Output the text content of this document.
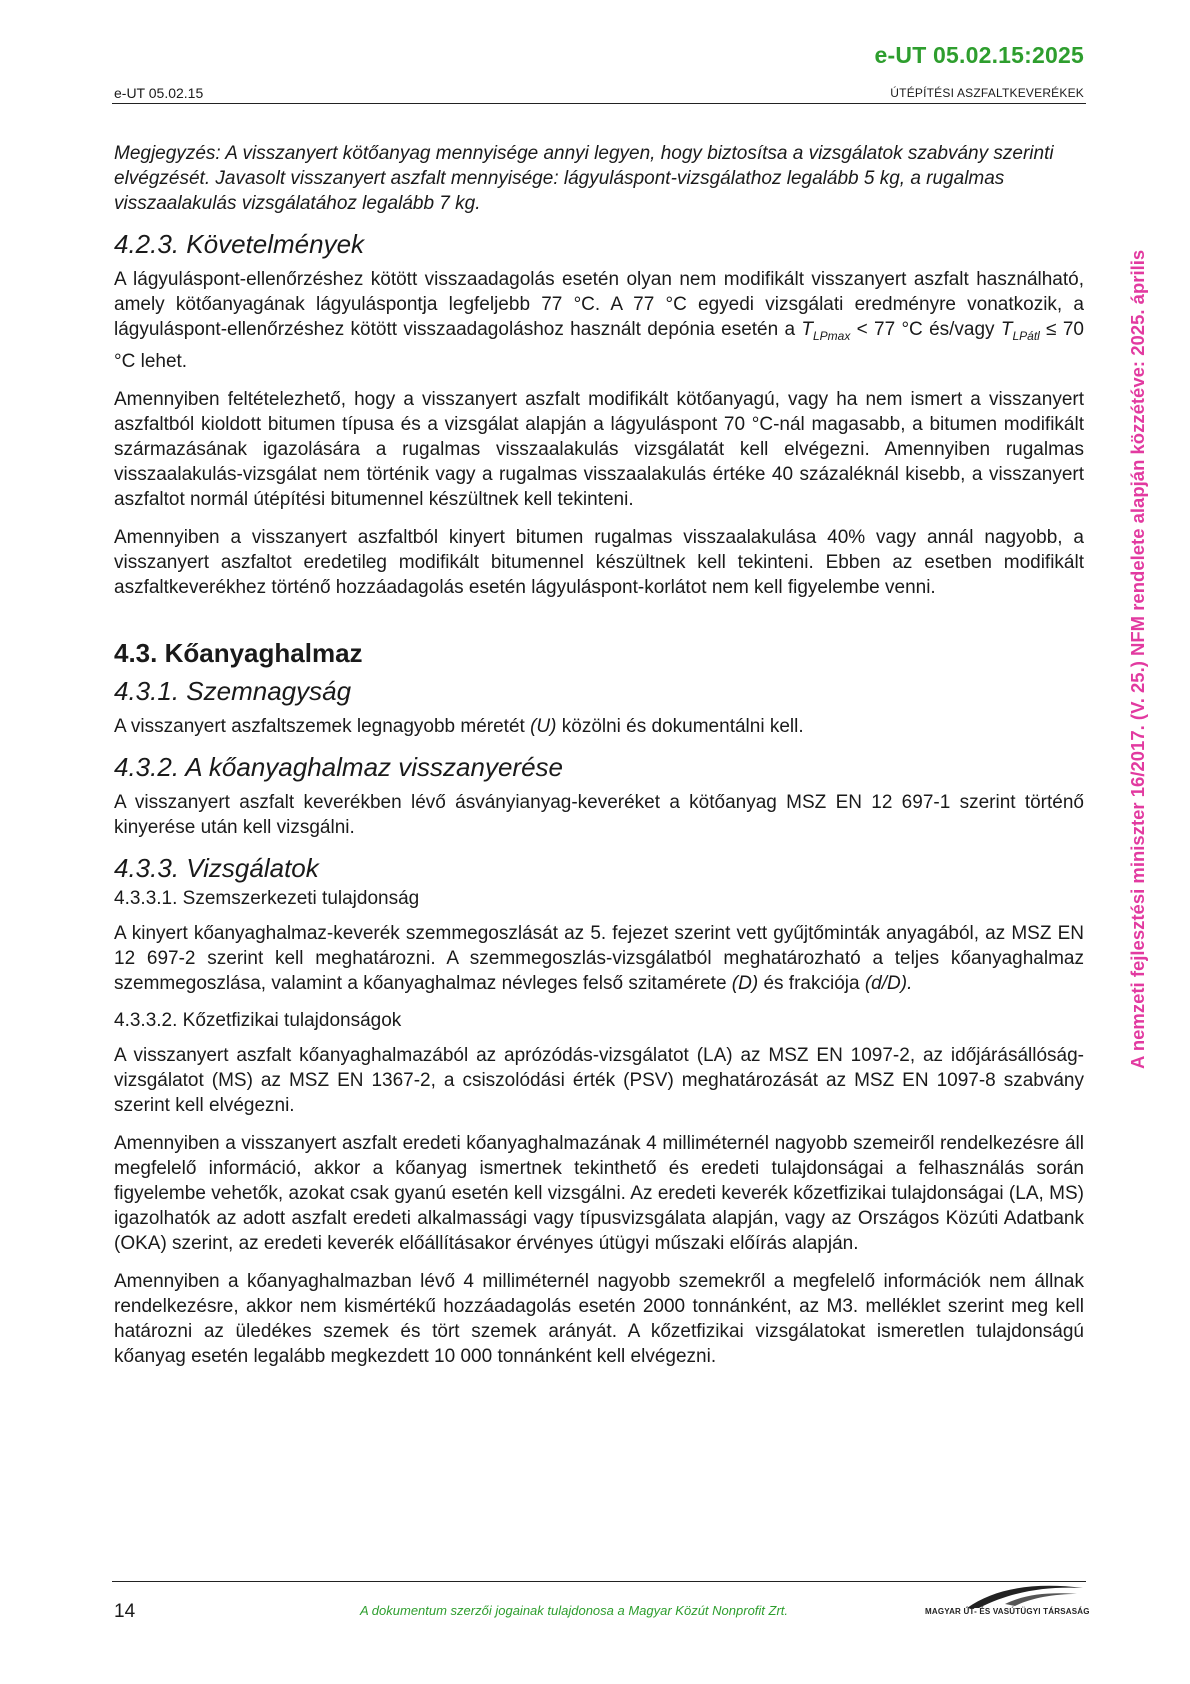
e-UT 05.02.15:2025
e-UT 05.02.15	ÚTÉPÍTÉSI ASZFALTKEVERÉKEK
A nemzeti fejlesztési miniszter 16/2017. (V. 25.) NFM rendelete alapján közzétéve: 2025. április

Megjegyzés: A visszanyert kötőanyag mennyisége annyi legyen, hogy biztosítsa a vizsgálatok szabvány szerinti elvégzését. Javasolt visszanyert aszfalt mennyisége: lágyuláspont-vizsgálathoz legalább 5 kg, a rugalmas visszaalakulás vizsgálatához legalább 7 kg.

4.2.3. Követelmények

A lágyuláspont-ellenőrzéshez kötött visszaadagolás esetén olyan nem modifikált visszanyert aszfalt használható, amely kötőanyagának lágyuláspontja legfeljebb 77 °C. A 77 °C egyedi vizsgálati eredményre vonatkozik, a lágyuláspont-ellenőrzéshez kötött visszaadagoláshoz használt depónia esetén a $T_{LPmax} < 77$ °C és/vagy $T_{LPátl} \le 70$ °C lehet.

Amennyiben feltételezhető, hogy a visszanyert aszfalt modifikált kötőanyagú, vagy ha nem ismert a visszanyert aszfaltból kioldott bitumen típusa és a vizsgálat alapján a lágyuláspont 70 °C-nál magasabb, a bitumen modifikált származásának igazolására a rugalmas visszaalakulás vizsgálatát kell elvégezni. Amennyiben rugalmas visszaalakulás-vizsgálat nem történik vagy a rugalmas visszaalakulás értéke 40 százaléknál kisebb, a visszanyert aszfaltot normál útépítési bitumennel készültnek kell tekinteni.

Amennyiben a visszanyert aszfaltból kinyert bitumen rugalmas visszaalakulása 40% vagy annál nagyobb, a visszanyert aszfaltot eredetileg modifikált bitumennel készültnek kell tekinteni. Ebben az esetben modifikált aszfaltkeverékhez történő hozzáadagolás esetén lágyuláspont-korlátot nem kell figyelembe venni.

4.3. Kőanyaghalmaz
4.3.1. Szemnagyság

A visszanyert aszfaltszemek legnagyobb méretét (U) közölni és dokumentálni kell.

4.3.2. A kőanyaghalmaz visszanyerése

A visszanyert aszfalt keverékben lévő ásványianyag-keveréket a kötőanyag MSZ EN 12 697-1 szerint történő kinyerése után kell vizsgálni.

4.3.3. Vizsgálatok
4.3.3.1. Szemszerkezeti tulajdonság

A kinyert kőanyaghalmaz-keverék szemmegoszlását az 5. fejezet szerint vett gyűjtőminták anyagából, az MSZ EN 12 697-2 szerint kell meghatározni. A szemmegoszlás-vizsgálatból meghatározható a teljes kőanyaghalmaz szemmegoszlása, valamint a kőanyaghalmaz névleges felső szitamérete (D) és frakciója (d/D).

4.3.3.2. Kőzetfizikai tulajdonságok

A visszanyert aszfalt kőanyaghalmazából az aprózódás-vizsgálatot (LA) az MSZ EN 1097-2, az időjárásállóság-vizsgálatot (MS) az MSZ EN 1367-2, a csiszolódási érték (PSV) meghatározását az MSZ EN 1097-8 szabvány szerint kell elvégezni.

Amennyiben a visszanyert aszfalt eredeti kőanyaghalmazának 4 milliméternél nagyobb szemeiről rendelkezésre áll megfelelő információ, akkor a kőanyag ismertnek tekinthető és eredeti tulajdonságai a felhasználás során figyelembe vehetők, azokat csak gyanú esetén kell vizsgálni. Az eredeti keverék kőzetfizikai tulajdonságai (LA, MS) igazolhatók az adott aszfalt eredeti alkalmassági vagy típusvizsgálata alapján, vagy az Országos Közúti Adatbank (OKA) szerint, az eredeti keverék előállításakor érvényes útügyi műszaki előírás alapján.

Amennyiben a kőanyaghalmazban lévő 4 milliméternél nagyobb szemekről a megfelelő információk nem állnak rendelkezésre, akkor nem kismértékű hozzáadagolás esetén 2000 tonnánként, az M3. melléklet szerint meg kell határozni az üledékes szemek és tört szemek arányát. A kőzetfizikai vizsgálatokat ismeretlen tulajdonságú kőanyag esetén legalább megkezdett 10 000 tonnánként kell elvégezni.

14	A dokumentum szerzői jogainak tulajdonosa a Magyar Közút Nonprofit Zrt.	MAGYAR ÚT- ÉS VASÚTÜGYI TÁRSASÁG
